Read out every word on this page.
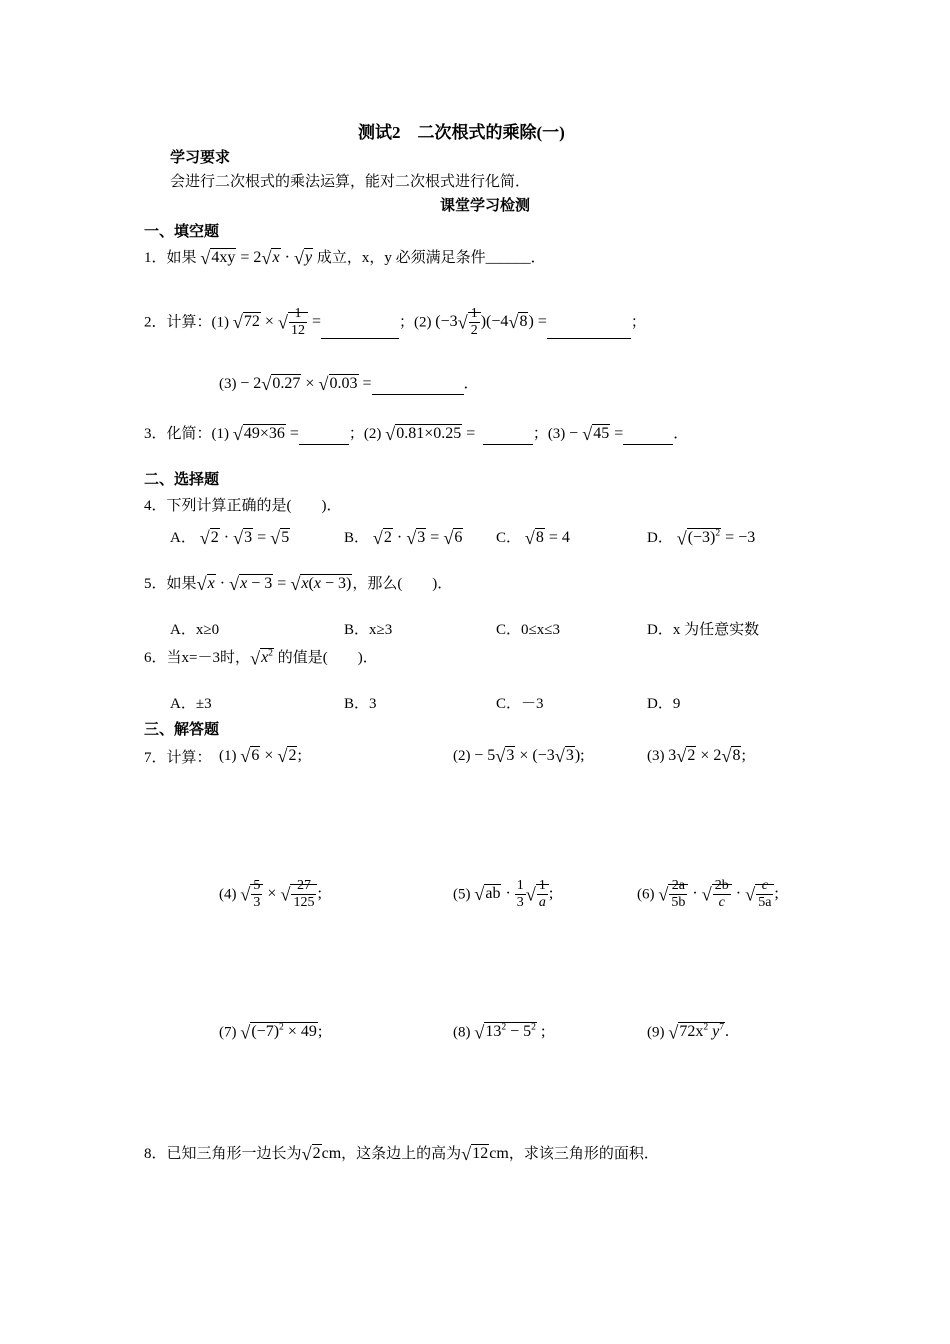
测试2　二次根式的乘除(一)
学习要求
会进行二次根式的乘法运算，能对二次根式进行化简．
课堂学习检测
一、填空题
1．如果 √4xy = 2√x · √y 成立，x，y 必须满足条件______．
2．计算：(1) √72 × √ $\frac{1}{12}$ =	；(2) $(-3√ \frac{1}{2} )(-4√8)$ =	；
(3) − 2√0.27 × √0.03 =	．
3．化简：(1) √49×36 =	；(2) √0.81×0.25 =	；(3) − √45 =	．
二、选择题
4．下列计算正确的是(　　)．
A． √2 · √3 = √5	B． √2 · √3 = √6 C． √8 = 4	D． $√(-3)^2 = -3$
5．如果√x · √x − 3 = √x(x − 3)，那么(　　)．
A．x≥0	B．x≥3	C．0≤x≤3	D．x 为任意实数
6．当x=－3时，$√x^2$ 的值是(　　)．
A．±3	B．3	C．－3	D．9
三、解答题
7．计算： (1) √6 × √2;	(2) − 5√3 × (−3√3);	(3) 3√2 × 2√8;
(4) √ $\frac{5}{3}$ × √ $\frac{27}{125}$ ;	(5) $√ab \cdot \frac{1}{3}$ √ $\frac{1}{a}$ ;	(6) √ $\frac{2a}{5b}$ · √ $\frac{2b}{c}$ · √ $\frac{c}{5a}$ ;
(7) $√(-7)^2 \times 49$;	(8) $√13^2 - 5^2$ ;	(9) $√72x^2$ $y^7$.
8．已知三角形一边长为√2cm，这条边上的高为√12cm，求该三角形的面积．
